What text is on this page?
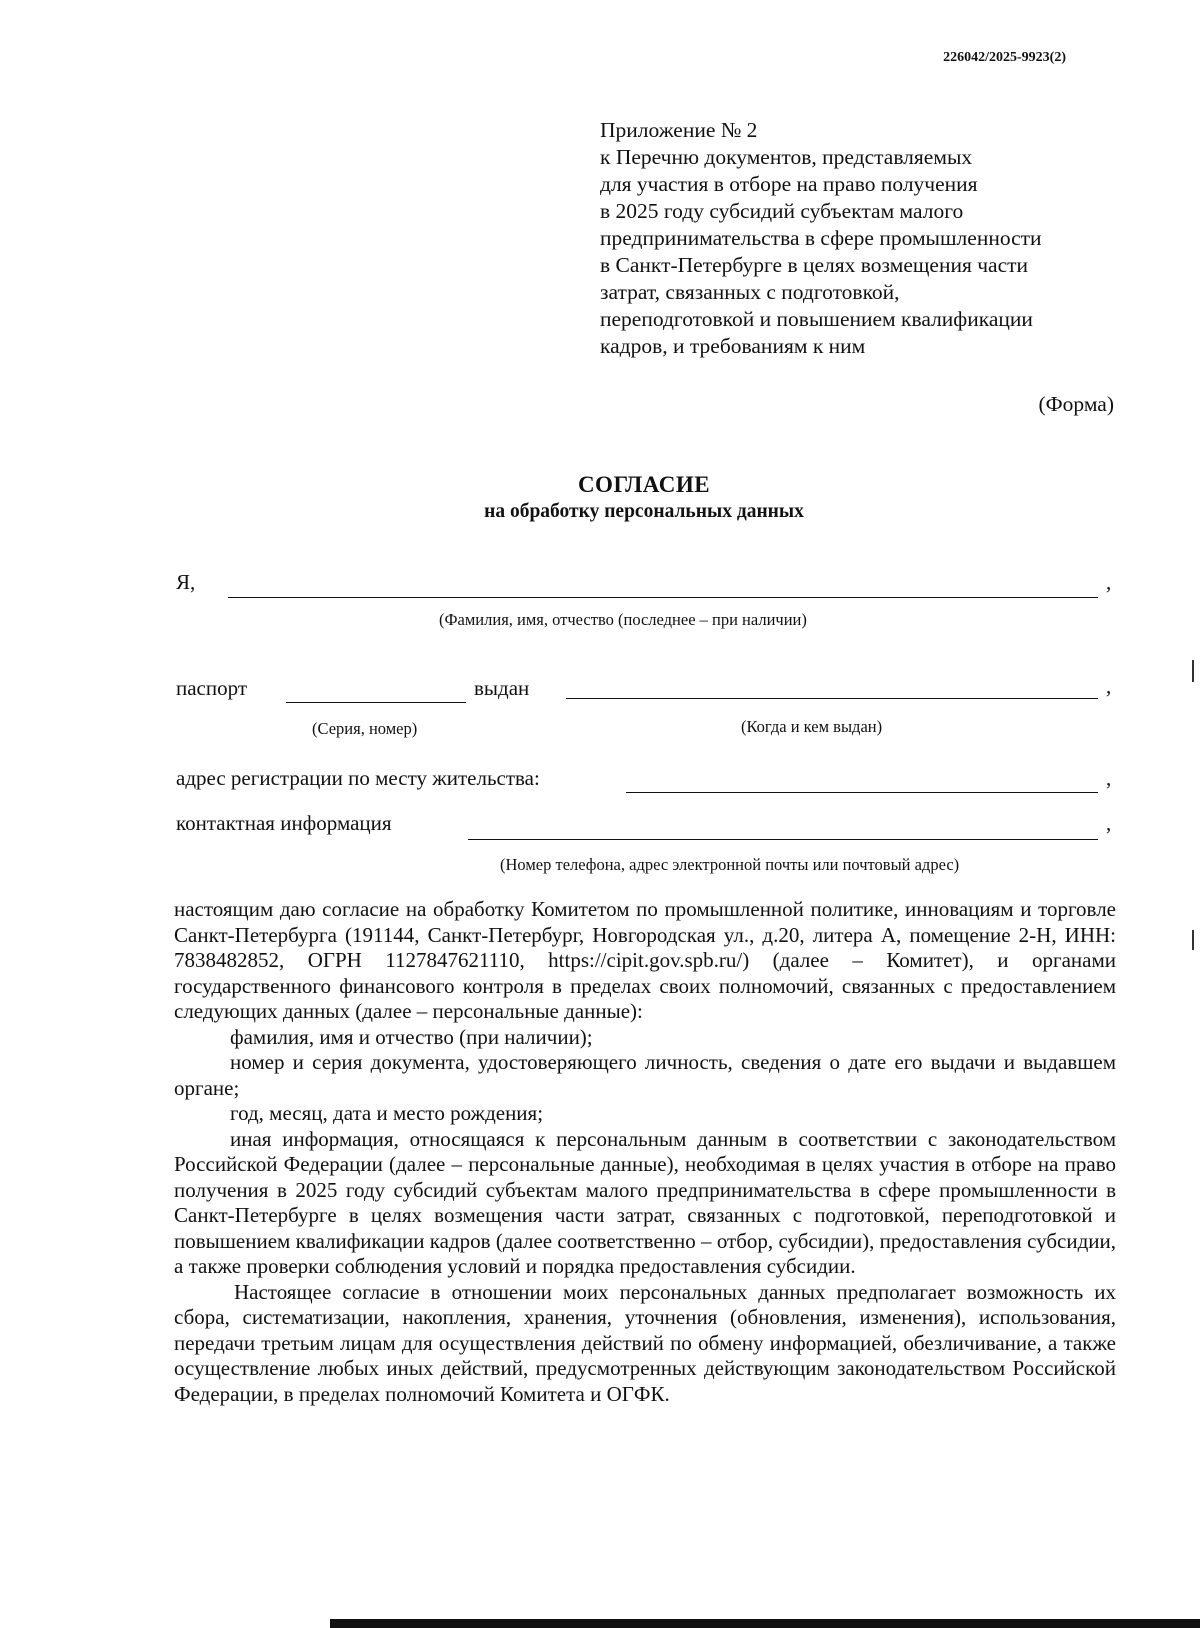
226042/2025-9923(2)
Приложение № 2
к Перечню документов, представляемых
для участия в отборе на право получения
в 2025 году субсидий субъектам малого
предпринимательства в сфере промышленности
в Санкт-Петербурге в целях возмещения части
затрат, связанных с подготовкой,
переподготовкой и повышением квалификации
кадров, и требованиям к ним
(Форма)
СОГЛАСИЕ
на обработку персональных данных
Я,	,
(Фамилия, имя, отчество (последнее – при наличии)
паспорт	выдан	,
(Серия, номер)	(Когда и кем выдан)
адрес регистрации по месту жительства:	,
контактная информация	,
(Номер телефона, адрес электронной почты или почтовый адрес)

настоящим даю согласие на обработку Комитетом по промышленной политике, инновациям и торговле Санкт-Петербурга (191144, Санкт-Петербург, Новгородская ул., д.20, литера А, помещение 2-Н, ИНН: 7838482852, ОГРН 1127847621110, https://cipit.gov.spb.ru/) (далее – Комитет), и органами государственного финансового контроля в пределах своих полномочий, связанных с предоставлением следующих данных (далее – персональные данные):

фамилия, имя и отчество (при наличии);

номер и серия документа, удостоверяющего личность, сведения о дате его выдачи и выдавшем органе;

год, месяц, дата и место рождения;

иная информация, относящаяся к персональным данным в соответствии с законодательством Российской Федерации (далее – персональные данные), необходимая в целях участия в отборе на право получения в 2025 году субсидий субъектам малого предпринимательства в сфере промышленности в Санкт-Петербурге в целях возмещения части затрат, связанных с подготовкой, переподготовкой и повышением квалификации кадров (далее соответственно – отбор, субсидии), предоставления субсидии, а также проверки соблюдения условий и порядка предоставления субсидии.

Настоящее согласие в отношении моих персональных данных предполагает возможность их сбора, систематизации, накопления, хранения, уточнения (обновления, изменения), использования, передачи третьим лицам для осуществления действий по обмену информацией, обезличивание, а также осуществление любых иных действий, предусмотренных действующим законодательством Российской Федерации, в пределах полномочий Комитета и ОГФК.
